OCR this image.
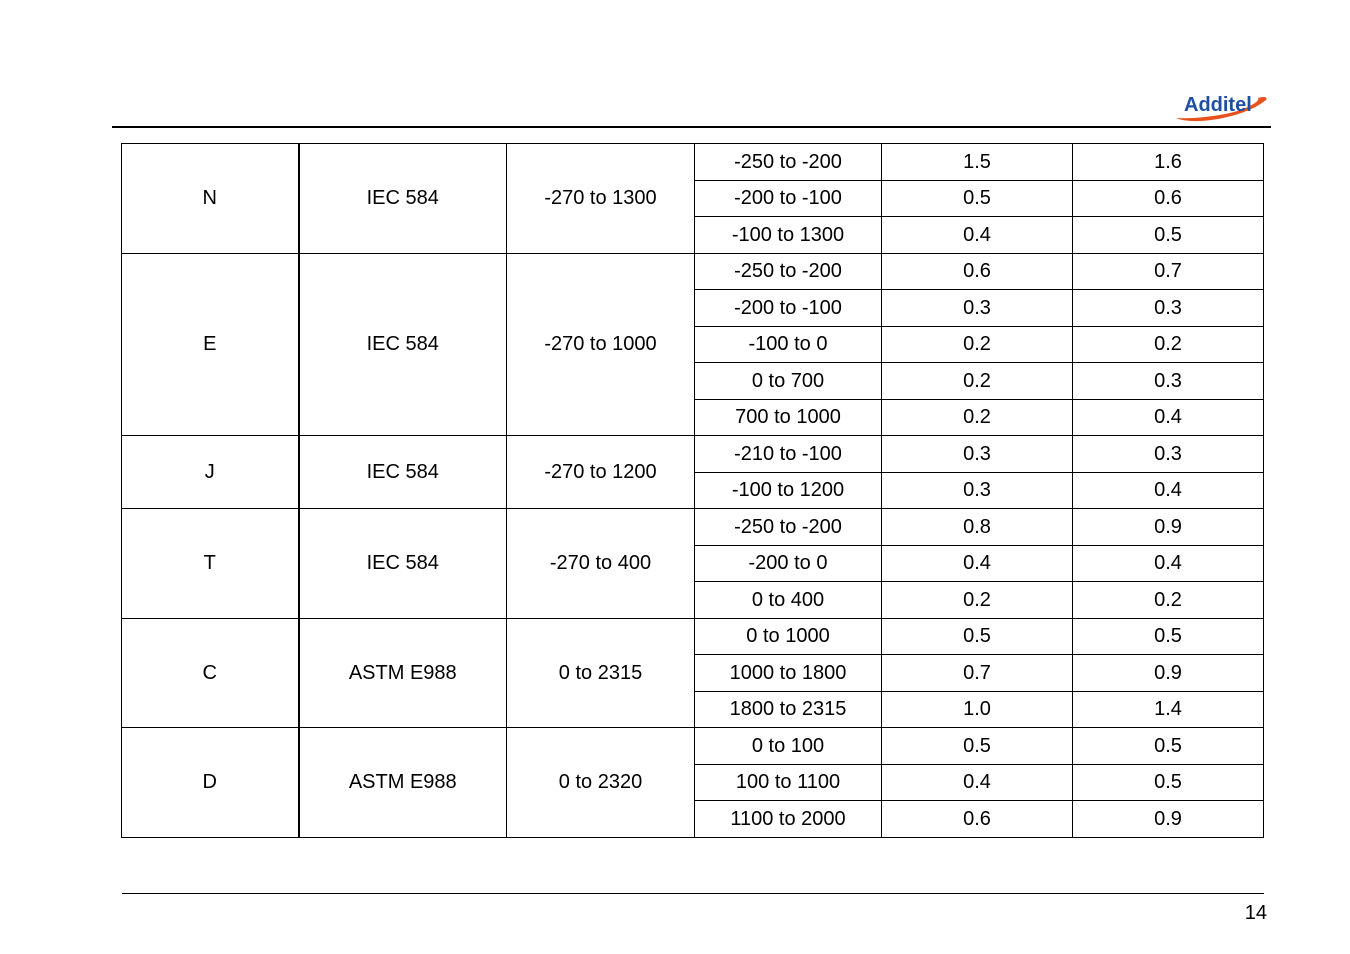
Additel
N	IEC 584	-270 to 1300	-250 to -200	1.5	1.6
			-200 to -100	0.5	0.6
			-100 to 1300	0.4	0.5
E	IEC 584	-270 to 1000	-250 to -200	0.6	0.7
			-200 to -100	0.3	0.3
			-100 to 0	0.2	0.2
			0 to 700	0.2	0.3
			700 to 1000	0.2	0.4
J	IEC 584	-270 to 1200	-210 to -100	0.3	0.3
			-100 to 1200	0.3	0.4
T	IEC 584	-270 to 400	-250 to -200	0.8	0.9
			-200 to 0	0.4	0.4
			0 to 400	0.2	0.2
C	ASTM E988	0 to 2315	0 to 1000	0.5	0.5
			1000 to 1800	0.7	0.9
			1800 to 2315	1.0	1.4
D	ASTM E988	0 to 2320	0 to 100	0.5	0.5
			100 to 1100	0.4	0.5
			1100 to 2000	0.6	0.9
14
